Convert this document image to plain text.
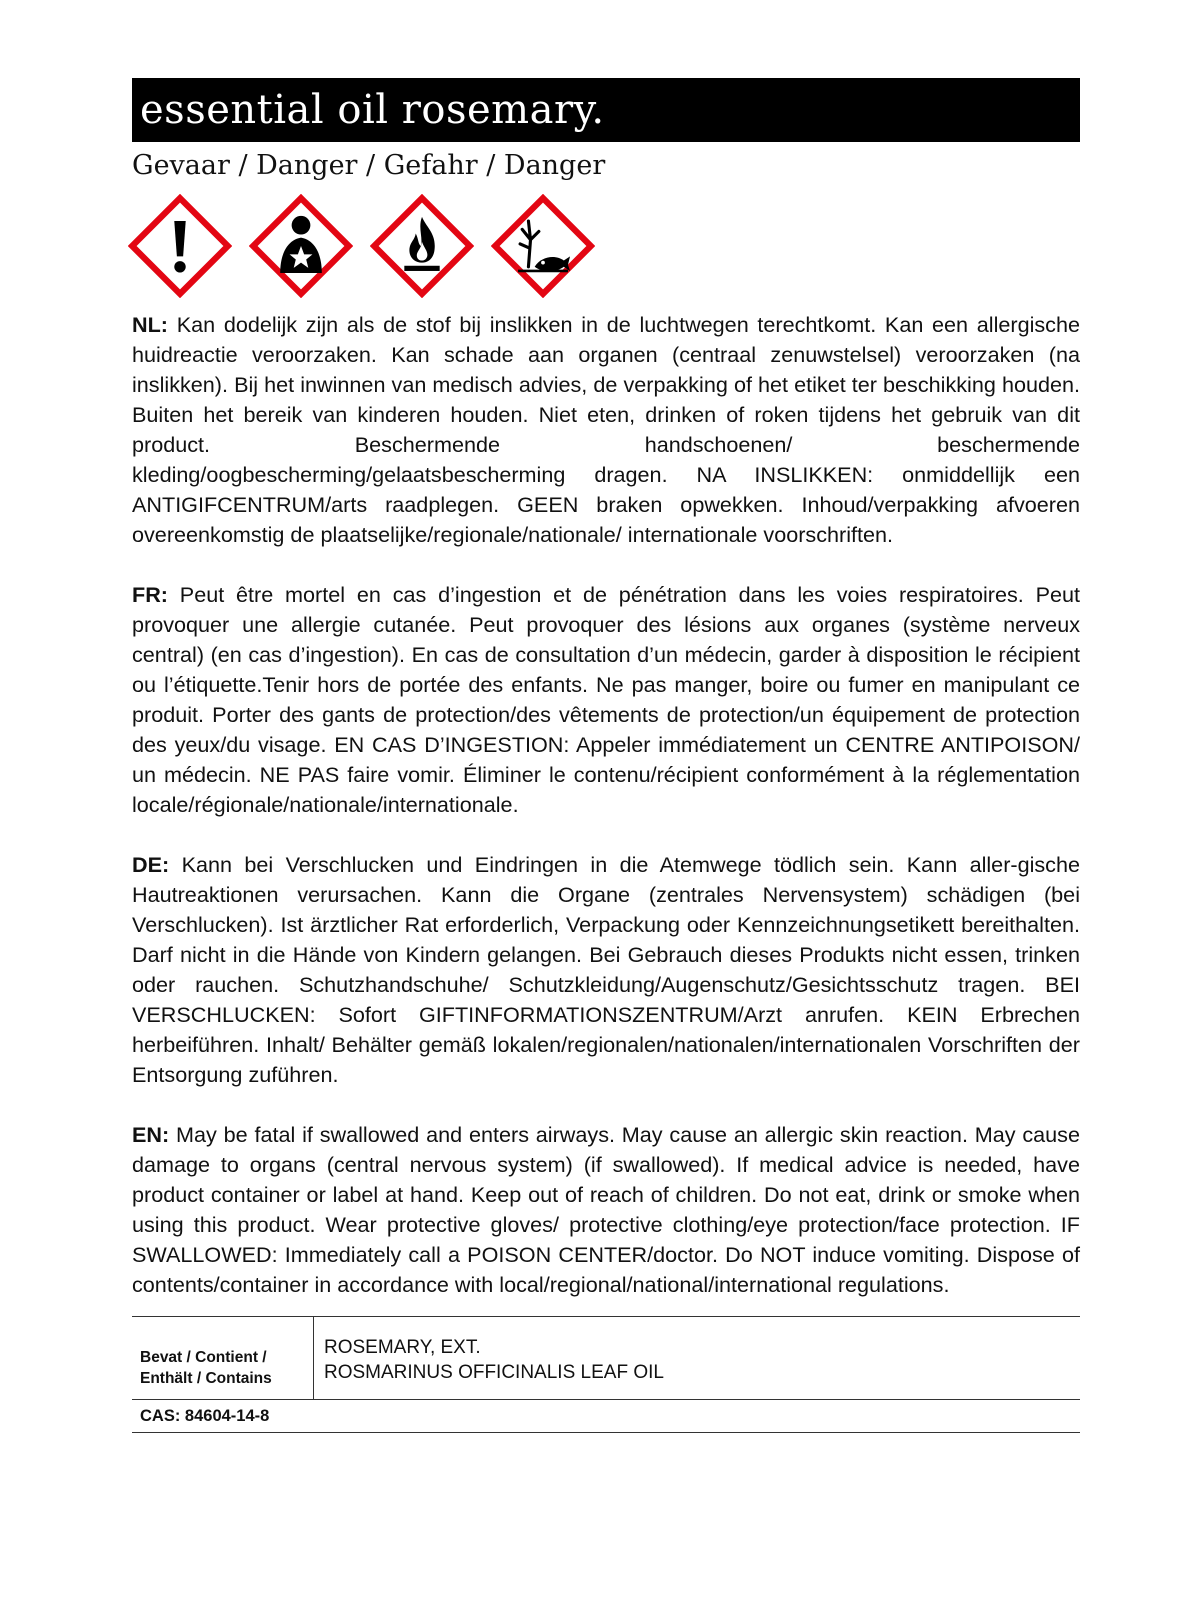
essential oil rosemary.
Gevaar / Danger / Gefahr / Danger

NL: Kan dodelijk zijn als de stof bij inslikken in de luchtwegen terechtkomt. Kan een allergische huidreactie veroorzaken. Kan schade aan organen (centraal zenuwstelsel) veroorzaken (na inslikken). Bij het inwinnen van medisch advies, de verpakking of het etiket ter beschikking houden. Buiten het bereik van kinderen houden. Niet eten, drinken of roken tijdens het gebruik van dit product. Beschermende handschoenen/ beschermende kleding/oogbescherming/gelaatsbescherming dragen. NA INSLIKKEN: onmiddellijk een ANTIGIFCENTRUM/arts raadplegen. GEEN braken opwekken. Inhoud/verpakking afvoeren overeenkomstig de plaatselijke/regionale/nationale/ internationale voorschriften.

FR: Peut être mortel en cas d’ingestion et de pénétration dans les voies respiratoires. Peut provoquer une allergie cutanée. Peut provoquer des lésions aux organes (système nerveux central) (en cas d’ingestion). En cas de consultation d’un médecin, garder à disposition le récipient ou l’étiquette.Tenir hors de portée des enfants. Ne pas manger, boire ou fumer en manipulant ce produit. Porter des gants de protection/des vêtements de protection/un équipement de protection des yeux/du visage. EN CAS D’INGESTION: Appeler immédiatement un CENTRE ANTIPOISON/ un médecin. NE PAS faire vomir. Éliminer le contenu/récipient conformément à la réglementation locale/régionale/nationale/internationale.

DE: Kann bei Verschlucken und Eindringen in die Atemwege tödlich sein. Kann aller-gische Hautreaktionen verursachen. Kann die Organe (zentrales Nervensystem) schädigen (bei Verschlucken). Ist ärztlicher Rat erforderlich, Verpackung oder Kennzeichnungsetikett bereithalten. Darf nicht in die Hände von Kindern gelangen. Bei Gebrauch dieses Produkts nicht essen, trinken oder rauchen. Schutzhandschuhe/ Schutzkleidung/Augenschutz/Gesichtsschutz tragen. BEI VERSCHLUCKEN: Sofort GIFTINFORMATIONSZENTRUM/Arzt anrufen. KEIN Erbrechen herbeiführen. Inhalt/ Behälter gemäß lokalen/regionalen/nationalen/internationalen Vorschriften der Entsorgung zuführen.

EN: May be fatal if swallowed and enters airways. May cause an allergic skin reaction. May cause damage to organs (central nervous system) (if swallowed). If medical advice is needed, have product container or label at hand. Keep out of reach of children. Do not eat, drink or smoke when using this product. Wear protective gloves/ protective clothing/eye protection/face protection. IF SWALLOWED: Immediately call a POISON CENTER/doctor. Do NOT induce vomiting. Dispose of contents/container in accordance with local/regional/national/international regulations.

Bevat / Contient /
Enthält / Contains
ROSEMARY, EXT.
ROSMARINUS OFFICINALIS LEAF OIL
CAS: 84604-14-8
